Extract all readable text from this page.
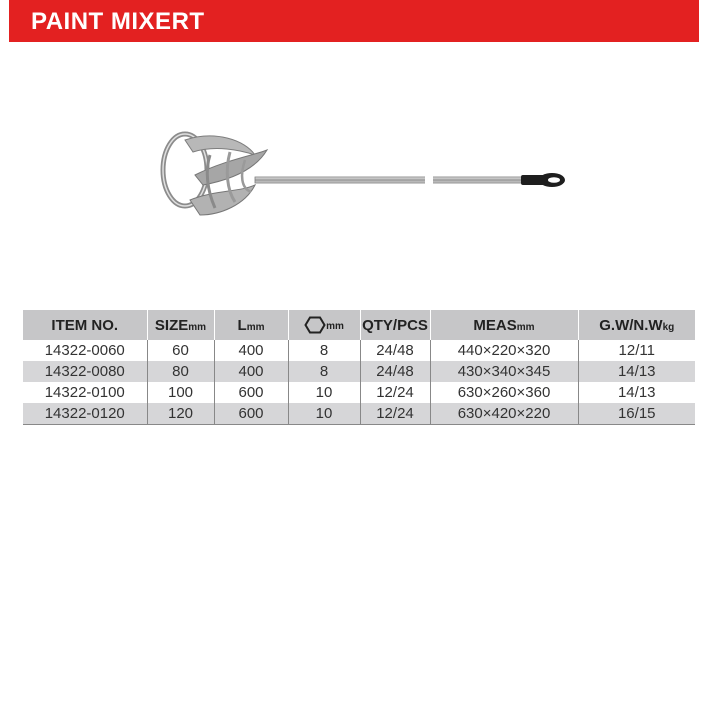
PAINT MIXERT
ITEM NO.	SIZEmm	Lmm	mm	QTY/PCS	MEASmm	G.W/N.Wkg
14322-0060	60	400	8	24/48	440×220×320	12/11
14322-0080	80	400	8	24/48	430×340×345	14/13
14322-0100	100	600	10	12/24	630×260×360	14/13
14322-0120	120	600	10	12/24	630×420×220	16/15
